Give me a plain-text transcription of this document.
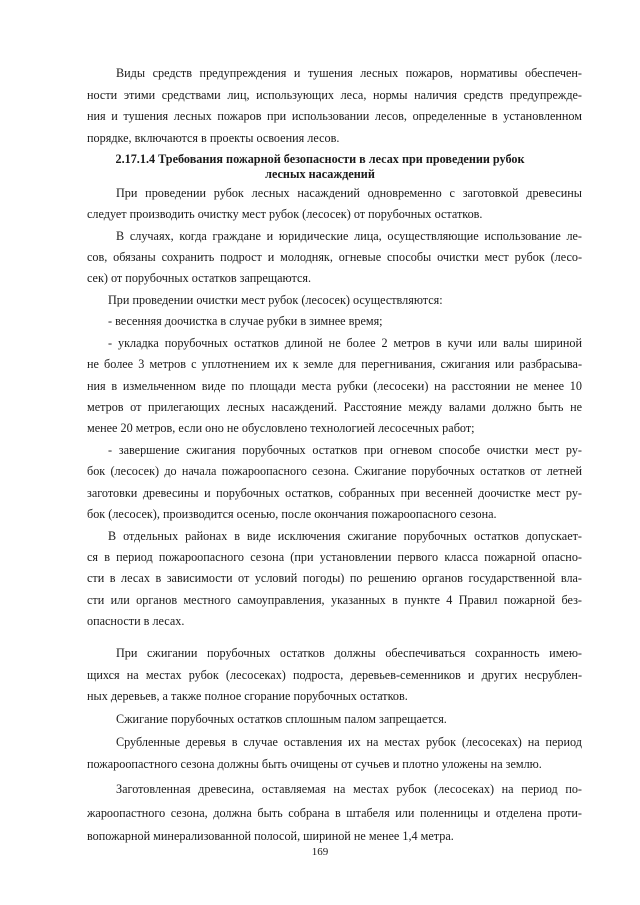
Виды средств предупреждения и тушения лесных пожаров, нормативы обеспечен-
ности этими средствами лиц, использующих леса, нормы наличия средств предупрежде-
ния и тушения лесных пожаров при использовании лесов, определенные в установленном
порядке, включаются в проекты освоения лесов.
2.17.1.4 Требования пожарной безопасности в лесах при проведении рубок
лесных насаждений
При проведении рубок лесных насаждений одновременно с заготовкой древесины
следует производить очистку мест рубок (лесосек) от порубочных остатков.
В случаях, когда граждане и юридические лица, осуществляющие использование ле-
сов, обязаны сохранить подрост и молодняк, огневые способы очистки мест рубок (лесо-
сек) от порубочных остатков запрещаются.
При проведении очистки мест рубок (лесосек) осуществляются:
- весенняя доочистка в случае рубки в зимнее время;
- укладка порубочных остатков длиной не более 2 метров в кучи или валы шириной
не более 3 метров с уплотнением их к земле для перегнивания, сжигания или разбрасыва-
ния в измельченном виде по площади места рубки (лесосеки) на расстоянии не менее 10
метров от прилегающих лесных насаждений. Расстояние между валами должно быть не
менее 20 метров, если оно не обусловлено технологией лесосечных работ;
- завершение сжигания порубочных остатков при огневом способе очистки мест ру-
бок (лесосек) до начала пожароопасного сезона. Сжигание порубочных остатков от летней
заготовки древесины и порубочных остатков, собранных при весенней доочистке мест ру-
бок (лесосек), производится осенью, после окончания пожароопасного сезона.
В отдельных районах в виде исключения сжигание порубочных остатков допускает-
ся в период пожароопасного сезона (при установлении первого класса пожарной опасно-
сти в лесах в зависимости от условий погоды) по решению органов государственной вла-
сти или органов местного самоуправления, указанных в пункте 4 Правил пожарной без-
опасности в лесах.
При сжигании порубочных остатков должны обеспечиваться сохранность имею-
щихся на местах рубок (лесосеках) подроста, деревьев-семенников и других несрублен-
ных деревьев, а также полное сгорание порубочных остатков.
Сжигание порубочных остатков сплошным палом запрещается.
Срубленные деревья в случае оставления их на местах рубок (лесосеках) на период
пожароопастного сезона должны быть очищены от сучьев и плотно уложены на землю.
Заготовленная древесина, оставляемая на местах рубок (лесосеках) на период по-
жароопастного сезона, должна быть собрана в штабеля или поленницы и отделена проти-
вопожарной минерализованной полосой, шириной не менее 1,4 метра.
169
